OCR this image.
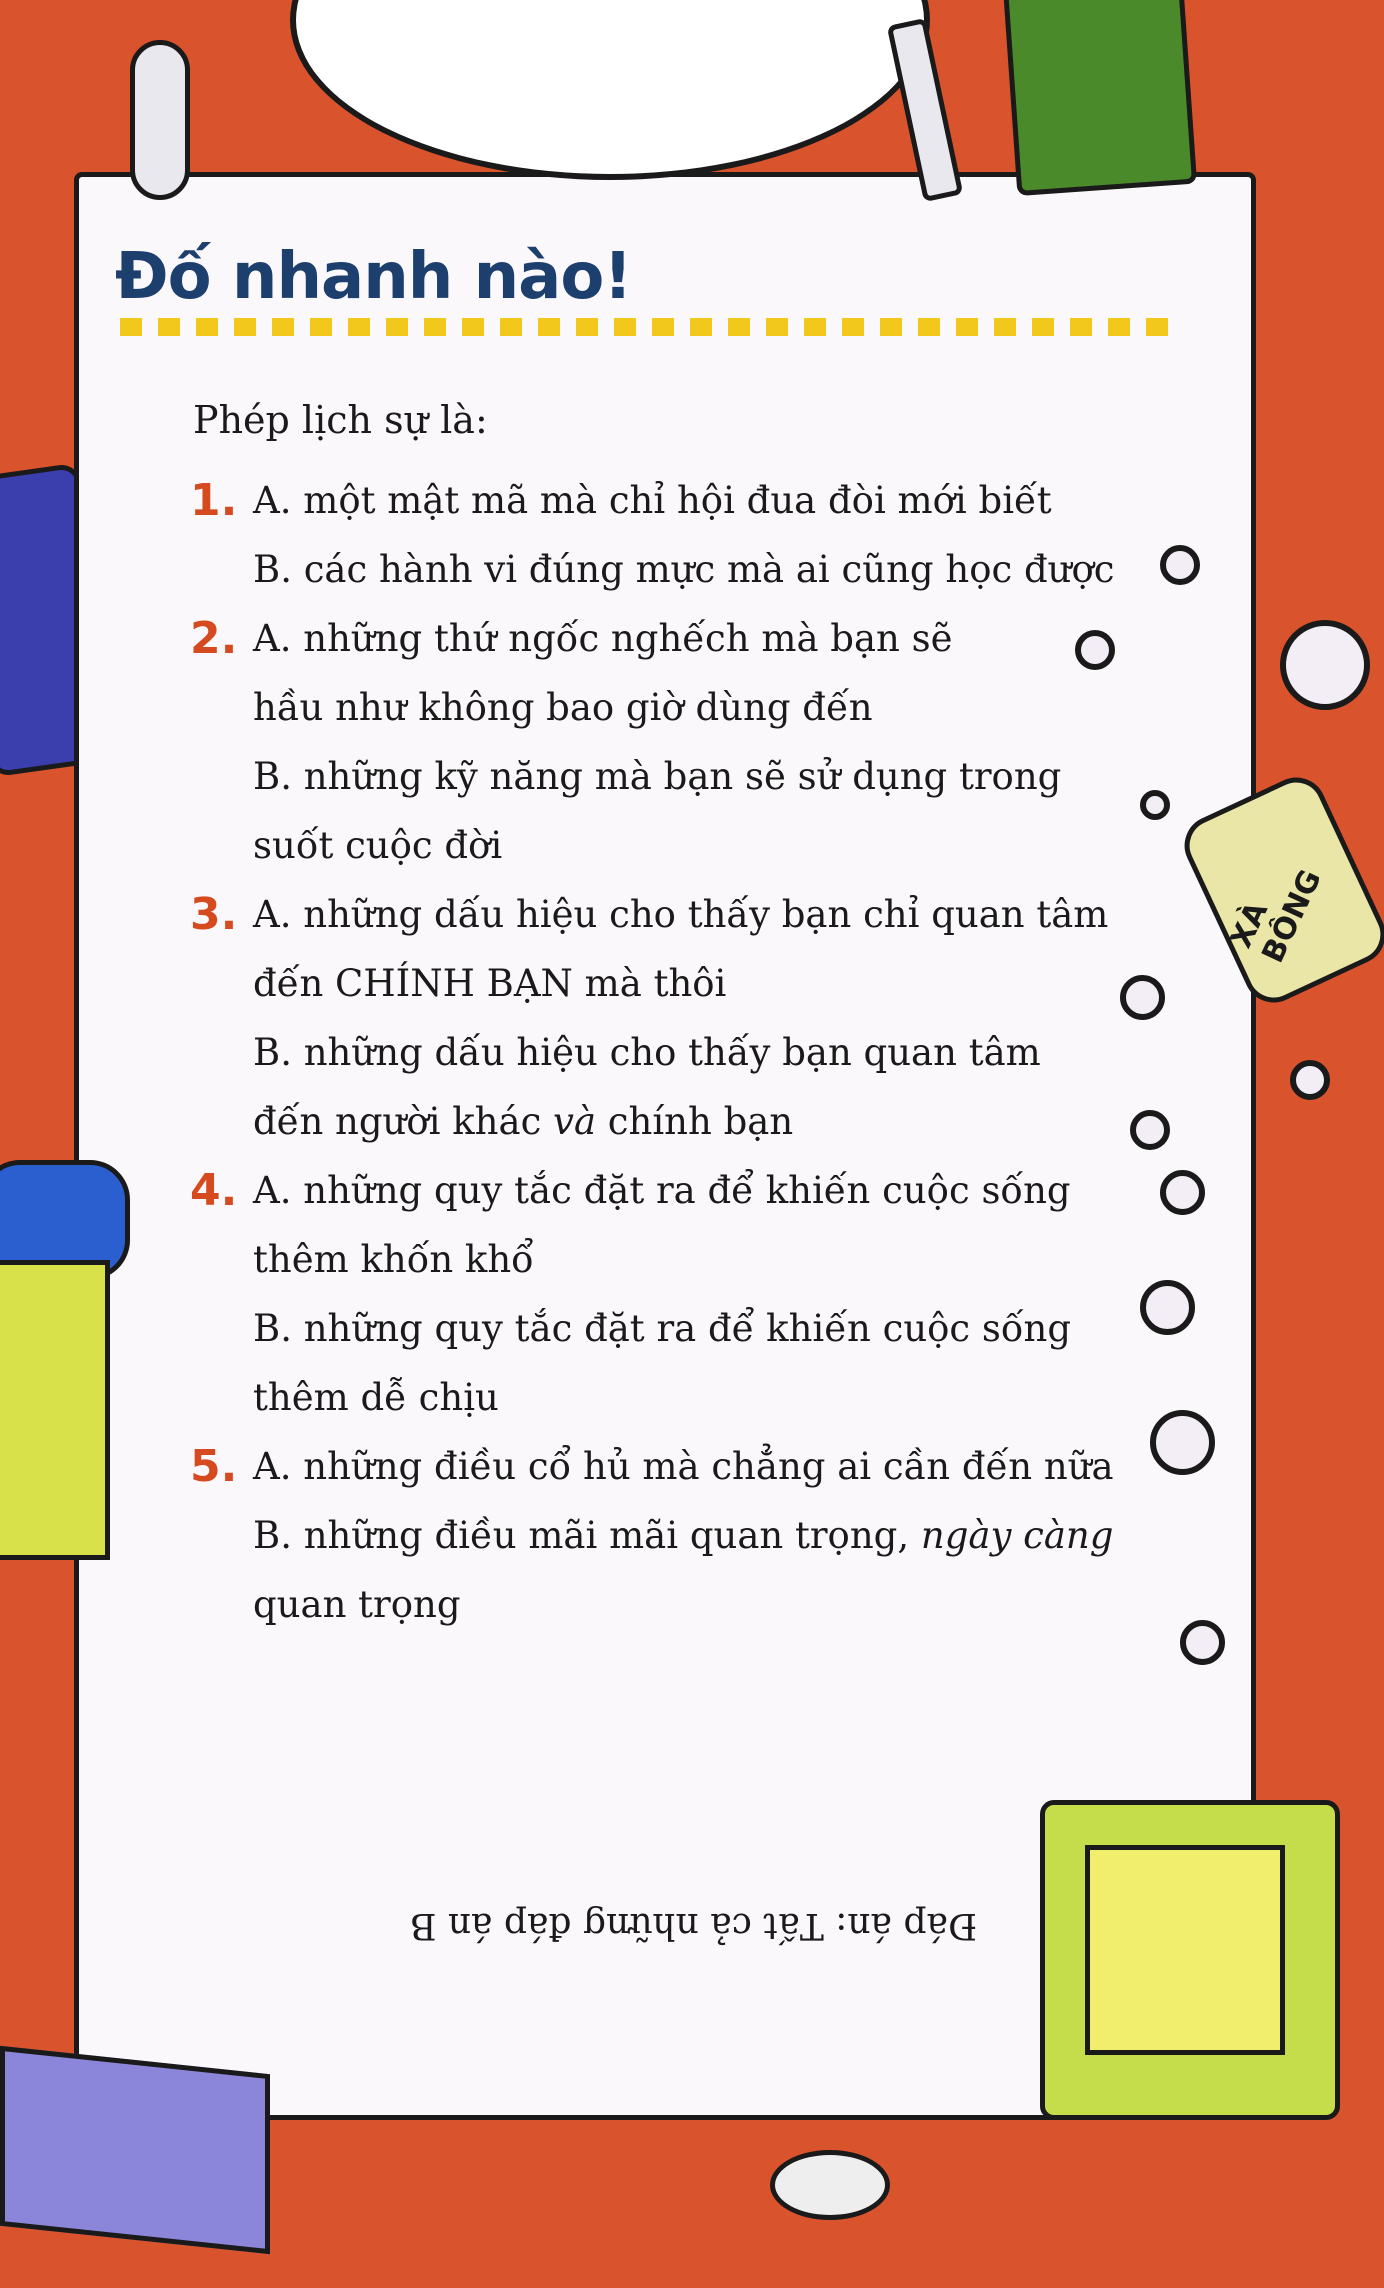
XÀ BÔNG
Đố nhanh nào!
Phép lịch sự là:
1. A. một mật mã mà chỉ hội đua đòi mới biết
B. các hành vi đúng mực mà ai cũng học được
2. A. những thứ ngốc nghếch mà bạn sẽ
hầu như không bao giờ dùng đến
B. những kỹ năng mà bạn sẽ sử dụng trong
suốt cuộc đời
3. A. những dấu hiệu cho thấy bạn chỉ quan tâm
đến CHÍNH BẠN mà thôi
B. những dấu hiệu cho thấy bạn quan tâm
đến người khác và chính bạn
4. A. những quy tắc đặt ra để khiến cuộc sống
thêm khốn khổ
B. những quy tắc đặt ra để khiến cuộc sống
thêm dễ chịu
5. A. những điều cổ hủ mà chẳng ai cần đến nữa
B. những điều mãi mãi quan trọng, ngày càng
quan trọng
Đáp án: Tất cả những đáp án B
